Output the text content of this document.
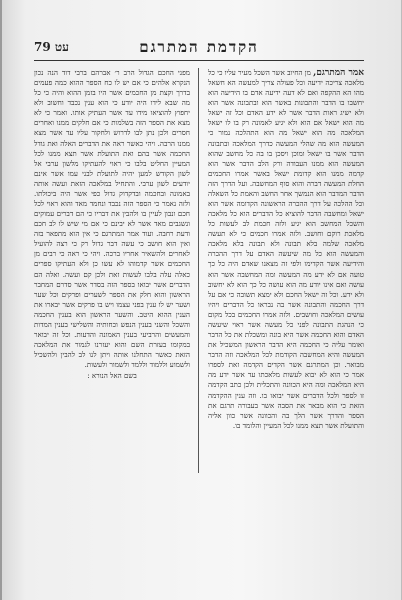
הקדמת המתרגם
עט 79

אמר המתרגם, מן החיוב אשר השכל מעיר עליו כי כל מלאכה צריכה ידיעה וכל פעולה צריך למעשה הא חשאל מהו הא ההקפה ואם לא דעה ידיעה אדם בו הידיעה הוא יחשבו בו הדבר והתבונות באשר הוא ובתבונה אשר הוא ולא ישיג ראות הדבר אשר לא ידע האדם וכל זה ישאל מה הוא ישאל אם הוא ולא יגיע לאמונה רק בו לו ישאל המלאכה מה הוא ישאל מה הוא התהלכה נמור כי המעשה הוא מה שהלי המעשה כדרך המלאכה ובתבונה הדבר אשר בו ישאל ומוכן ויסכן בו בה כל מחשב שהוא המעשה הוא ממנו העבודה ורק הלב הדבר אשר הוא קדמה ממנו הוא קדומת ישאל באשר אמרו החכמים החלת המעשה דברה והוא סוף המחשבה. ועל הדרך הזה הדבר המדבר הוא הנמשך אחר החשב והאמת כל השאלה וכל ההלכה על דרך ההכרה הראשונה הקדומה אשר הוא ישאל ומחשבה הדבר להוציא כל הדברים הוא כל מלאכה והשכל המחשב הוא יגיע ולזה חכמת לב לעשות כל מלאכת רוקם וחושב. ולזה אמרו חכמים כי לא תעשה מלאכה שלמה בלא תבונה ולא תבונה בלא מלאכה והמעשה הוא כל מה שיעשה האדם על דרך ההכרה והידיעה אשר הקדימו ולפי זה מצאנו שאדם היה כל כך טועה אם לא ידע מה המעשה ומה המחשבה אשר הוא עושה ואם אינו יודע מה הוא עושה כל כך הוא לא יחשוב ולא ידע. וכל זה ישאל החכם ולא ימצא תשובה כי אם על דרך החכמה והתבונה אשר בה נבראו כל הדברים ויהיו עושים המלאכה וחושבים. ולזה אמרו החכמים בכל מקום כי הנהגת התבונה לפני כל מעשה אשר ראוי שיעשה האדם והוא החכמה אשר היא בונה ומשכלת את כל הדבר ואומר עליה כי החכמה היא הדבר הראשון המשכיל את המעשה והיא המחשבה הקודמת לכל המלאכה וזה הדבר מבואר. וכן המתרגם אשר הקדים הקדמה זאת לספרו אמר כי הוא לא יבוא לעשות מלאכתו עד אשר ידע מה היא המלאכה ומה היא הכוונה והתכלית ולכן כתב הקדמה זו לספר ולכל הדברים אשר יבואו בו. וזה ענין ההקדמה הזאת כי הוא מבאר את הסבה אשר בעבורה תרגם את הספר והדרך אשר הלך בה והכוונה אשר כוון אליה והתועלת אשר תצא ממנו לכל המעיין והלומד בו.

מפני החכם הגדול הרב ר׳ אברהם ברבי דוד הנה נכון הנקרא אלהים כי אם יש לו כח הספר ההוא כמה פעמים בדרך וקצת מן החכמים אשר היו בזמן ההוא והיה כי כל מה שבא לידו היה יודע כי הוא ענין נכבד וחשוב ולא יחפוץ להוציאו מידו עד אשר העתיק אותו. ואמר כי לא מצא את הספר הזה בשלמות כי אם חלקים ממנו ואחרים חסרים ולכן נתן לבו לדרוש ולחקור עליו עד אשר מצא ממנו הרבה. ויהי כאשר ראה את הדברים האלה ואת גודל החכמה אשר בהם ואת התועלת אשר תצא ממנו לכל המעיין החליט בלבו כי ראוי להעתיקו מלשון ערבי אל לשון הקודש למען יהיה לתועלת לבני עמו אשר אינם יודעים לשון ערבי. והתחיל במלאכה הזאת ועשה אותה באמונה ובחכמה ובדקדוק גדול כפי אשר היה ביכולתו. ולזה נאמר כי הספר הזה נכבד ונחמד מאד והוא ראוי לכל חכם ונבון לעיין בו ולהבין את דבריו כי הם דברים עמוקים ונשגבים מאד אשר לא יבינם כי אם מי שיש לו לב חכם ודעת רחבה. ועוד אמר המתרגם כי אין הוא מתפאר בזה ואין הוא חושב כי עשה דבר גדול רק כי רצה להועיל לאחרים ולהשאיר אחריו ברכה. ויהי כי ראה כי רבים מן החכמים אשר קדמוהו לא עשו כן ולא העתיקו ספרים כאלה עלה בלבו לעשות זאת ולכן קם ועשה. ואלה הם הדברים אשר יבואו בספר הזה בסדר אשר סדרם המחבר הראשון והוא חלק את הספר לשערים ופרקים וכל שער ושער יש לו ענין בפני עצמו ויש בו פרקים אשר יבארו את הענין ההוא היטב. והשער הראשון הוא בענין החכמה והשכל והשני בענין הנפש וכחותיה והשלישי בענין המדות והמעשים והרביעי בענין האמונה והדעות. וכל זה יבואר במקומו בעזרת השם והוא יעזרנו לגמור את המלאכה הזאת כאשר התחלנו אותה ויתן לנו לב להבין ולהשכיל ולשמוע וללמוד וללמד ולשמור ולעשות.

בשם האל הנורא :
